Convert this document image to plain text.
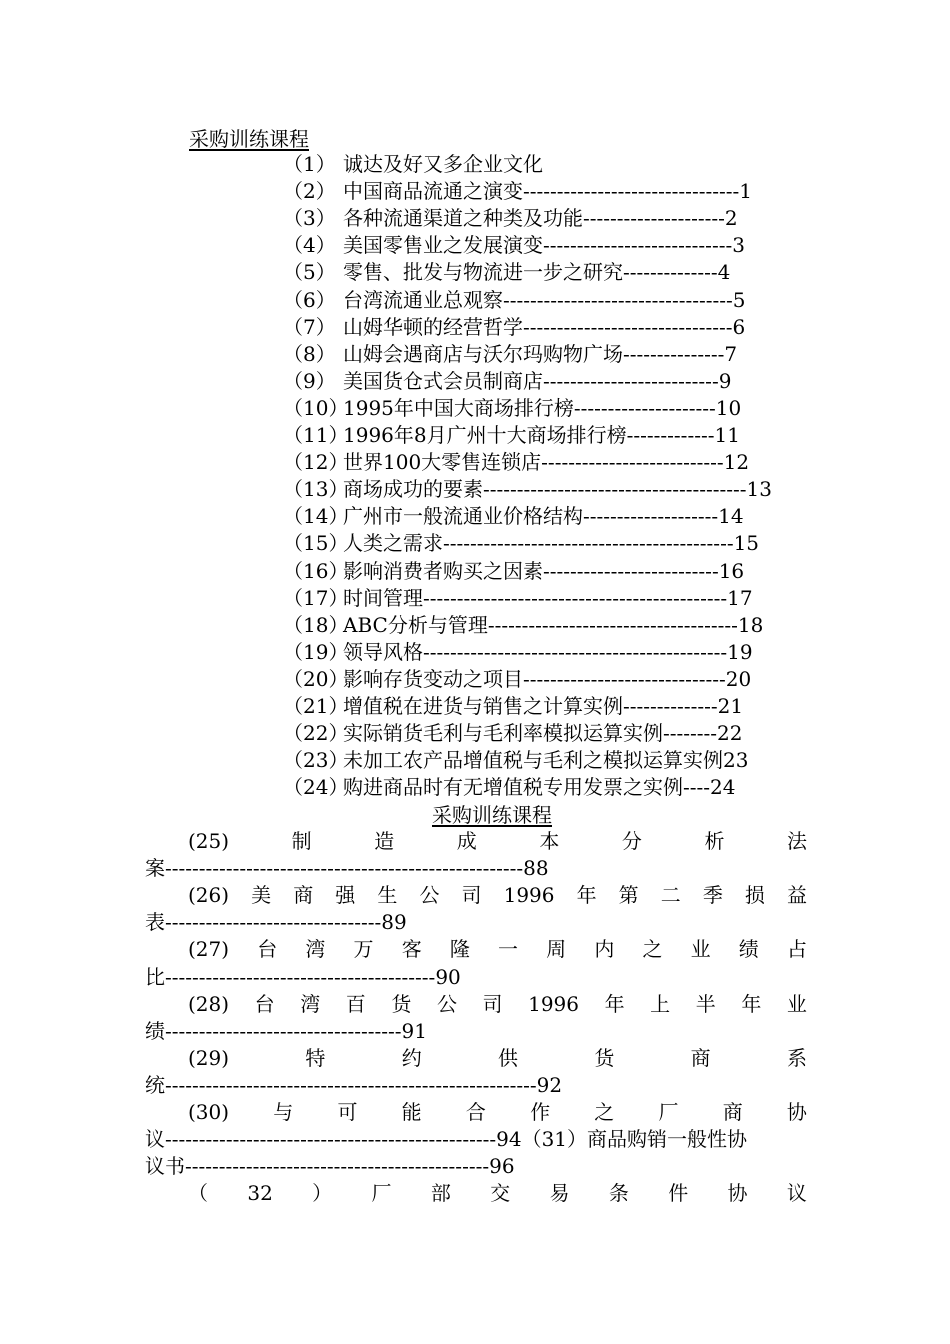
采购训练课程
（1） 诚达及好又多企业文化
（2） 中国商品流通之演变--------------------------------1
（3） 各种流通渠道之种类及功能---------------------2
（4） 美国零售业之发展演变----------------------------3
（5） 零售、批发与物流进一步之研究--------------4
（6） 台湾流通业总观察----------------------------------5
（7） 山姆华顿的经营哲学-------------------------------6
（8） 山姆会遇商店与沃尔玛购物广场---------------7
（9） 美国货仓式会员制商店--------------------------9
（10）1995年中国大商场排行榜---------------------10
（11）1996年8月广州十大商场排行榜-------------11
（12）世界100大零售连锁店---------------------------12
（13）商场成功的要素---------------------------------------13
（14）广州市一般流通业价格结构--------------------14
（15）人类之需求-------------------------------------------15
（16）影响消费者购买之因素--------------------------16
（17）时间管理---------------------------------------------17
（18）ABC分析与管理-------------------------------------18
（19）领导风格---------------------------------------------19
（20）影响存货变动之项目------------------------------20
（21）增值税在进货与销售之计算实例--------------21
（22）实际销货毛利与毛利率模拟运算实例--------22
（23）未加工农产品增值税与毛利之模拟运算实例23
（24）购进商品时有无增值税专用发票之实例----24
采购训练课程
(25)	制	造	成	本	分	析	法
案-----------------------------------------------------88
(26) 美 商 强 生 公 司 1996 年 第 二 季 损 益
表--------------------------------89
(27) 台 湾 万 客 隆 一 周 内 之 业 绩 占
比----------------------------------------90
(28) 台 湾 百 货 公 司 1996 年 上 半 年 业
绩-----------------------------------91
(29)	特	约	供	货	商	系
统-------------------------------------------------------92
(30) 与 可 能 合 作 之 厂 商 协
议-------------------------------------------------94（31）商品购销一般性协
议书---------------------------------------------96
（ 32 ） 厂 部 交 易 条 件 协 议
